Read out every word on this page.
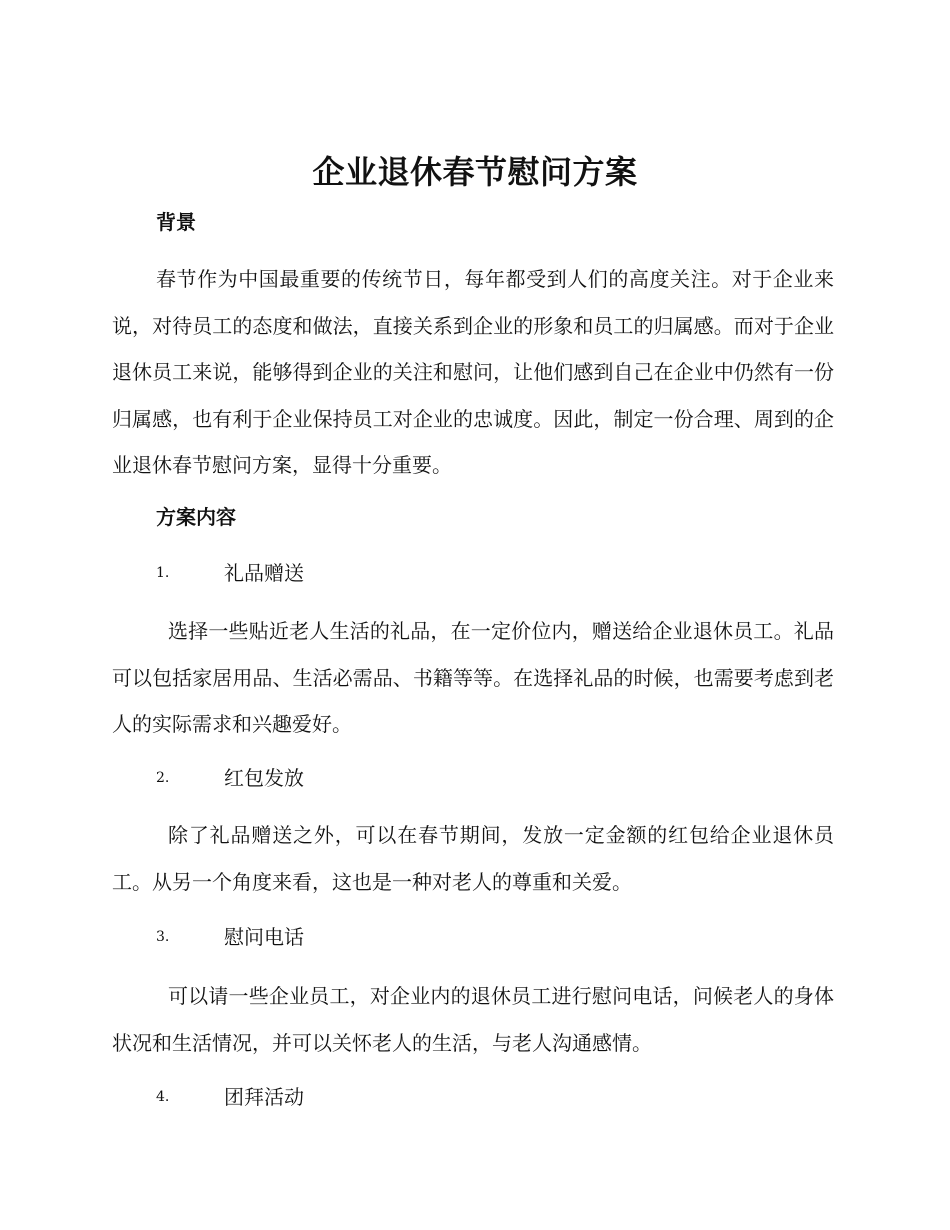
企业退休春节慰问方案
背景

春节作为中国最重要的传统节日，每年都受到人们的高度关注。对于企业来说，对待员工的态度和做法，直接关系到企业的形象和员工的归属感。而对于企业退休员工来说，能够得到企业的关注和慰问，让他们感到自己在企业中仍然有一份归属感，也有利于企业保持员工对企业的忠诚度。因此，制定一份合理、周到的企业退休春节慰问方案，显得十分重要。

方案内容
1.	礼品赠送

选择一些贴近老人生活的礼品，在一定价位内，赠送给企业退休员工。礼品可以包括家居用品、生活必需品、书籍等等。在选择礼品的时候，也需要考虑到老人的实际需求和兴趣爱好。

2.	红包发放

除了礼品赠送之外，可以在春节期间，发放一定金额的红包给企业退休员工。从另一个角度来看，这也是一种对老人的尊重和关爱。

3.	慰问电话

可以请一些企业员工，对企业内的退休员工进行慰问电话，问候老人的身体状况和生活情况，并可以关怀老人的生活，与老人沟通感情。

4.	团拜活动
